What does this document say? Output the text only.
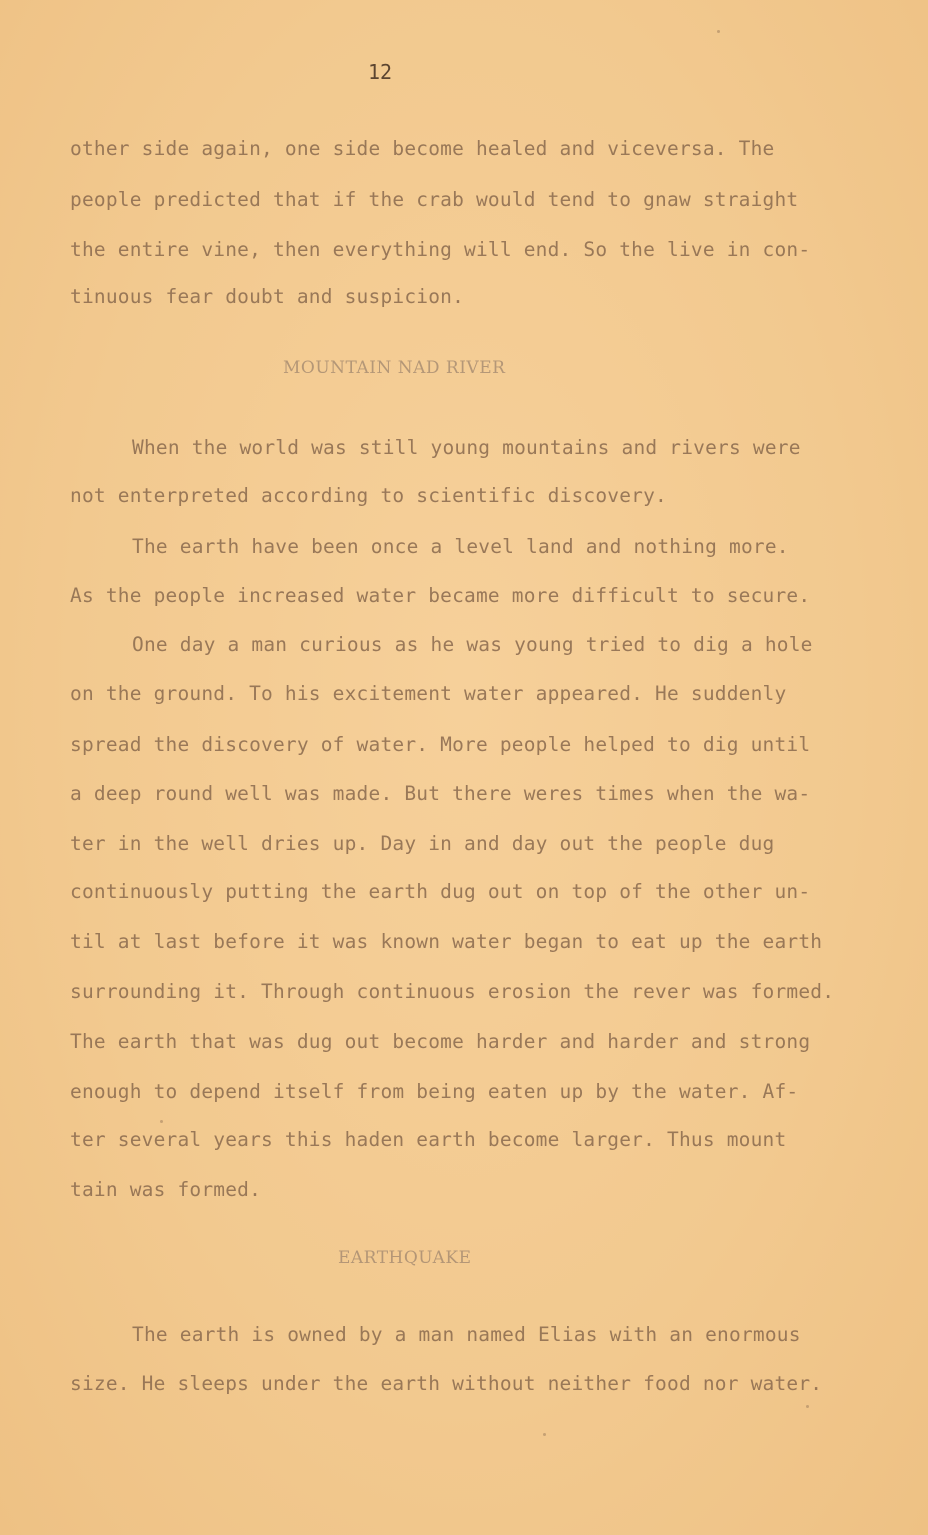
12
other side again, one side become healed and viceversa. The
people predicted that if the crab would tend to gnaw straight
the entire vine, then everything will end. So the live in con-
tinuous fear doubt and suspicion.
MOUNTAIN NAD RIVER
When the world was still young mountains and rivers were
not enterpreted according to scientific discovery.
The earth have been once a level land and nothing more.
As the people increased water became more difficult to secure.
One day a man curious as he was young tried to dig a hole
on the ground. To his excitement water appeared. He suddenly
spread the discovery of water. More people helped to dig until
a deep round well was made. But there weres times when the wa-
ter in the well dries up. Day in and day out the people dug
continuously putting the earth dug out on top of the other un-
til at last before it was known water began to eat up the earth
surrounding it. Through continuous erosion the rever was formed.
The earth that was dug out become harder and harder and strong
enough to depend itself from being eaten up by the water. Af-
ter several years this haden earth become larger. Thus mount
tain was formed.
EARTHQUAKE
The earth is owned by a man named Elias with an enormous
size. He sleeps under the earth without neither food nor water.
